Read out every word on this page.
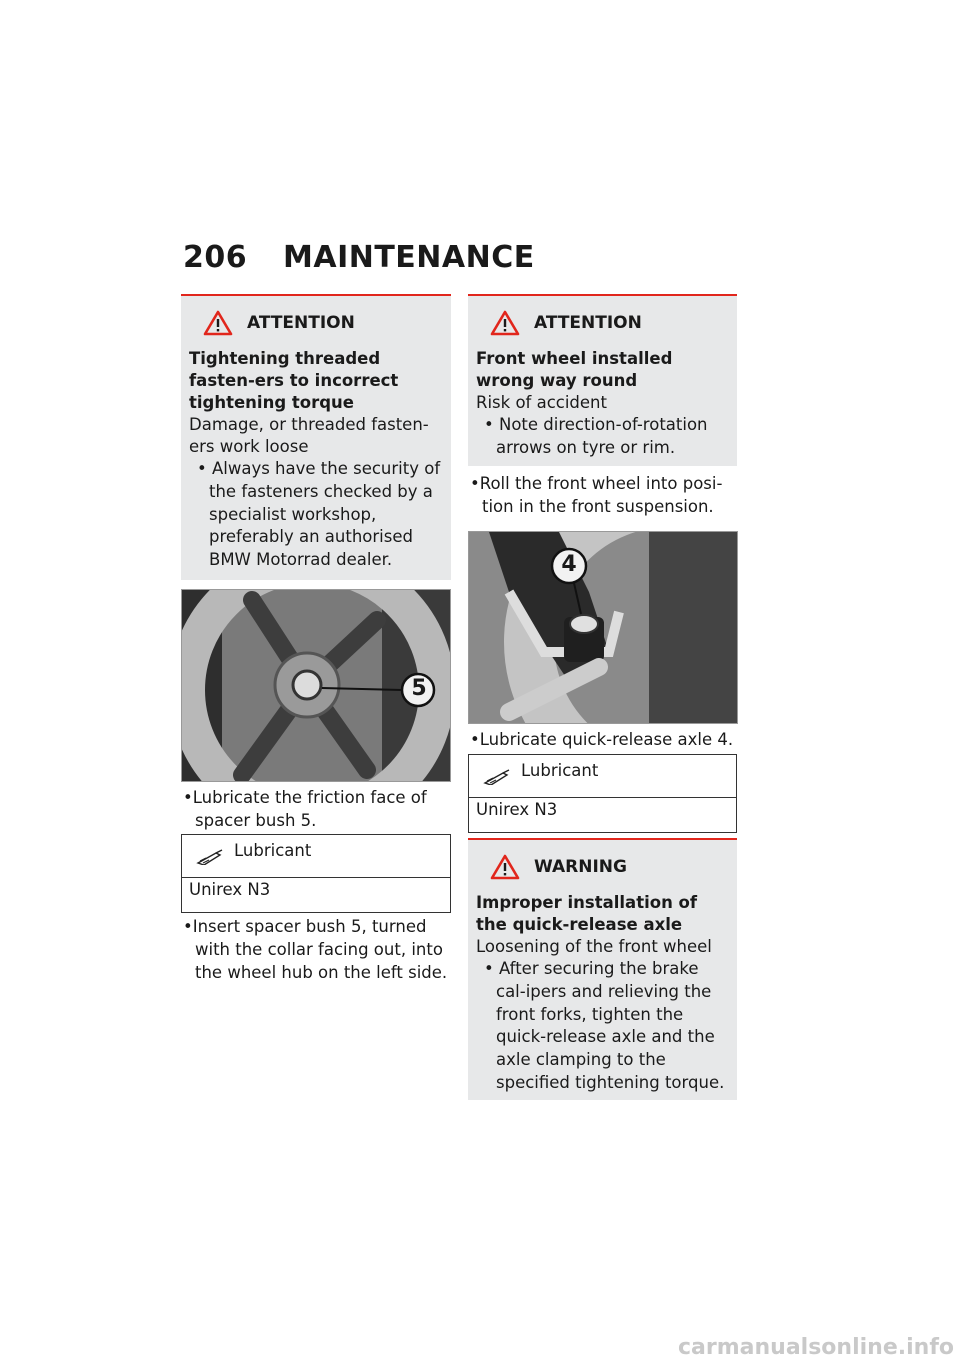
206 MAINTENANCE
ATTENTION
Tightening threaded fasten-ers to incorrect tightening torque
Damage, or threaded fasten-ers work loose
• Always have the security of the fasteners checked by a specialist workshop, preferably an authorised BMW Motorrad dealer.
5
•Lubricate the friction face of spacer bush 5.
Lubricant
Unirex N3
•Insert spacer bush 5, turned with the collar facing out, into the wheel hub on the left side.
ATTENTION
Front wheel installed wrong way round
Risk of accident
• Note direction-of-rotation arrows on tyre or rim.
•Roll the front wheel into posi-tion in the front suspension.
4
•Lubricate quick-release axle 4.
Lubricant
Unirex N3
WARNING
Improper installation of the quick-release axle
Loosening of the front wheel
• After securing the brake cal-ipers and relieving the front forks, tighten the quick-release axle and the axle clamping to the specified tightening torque.
carmanualsonline.info
